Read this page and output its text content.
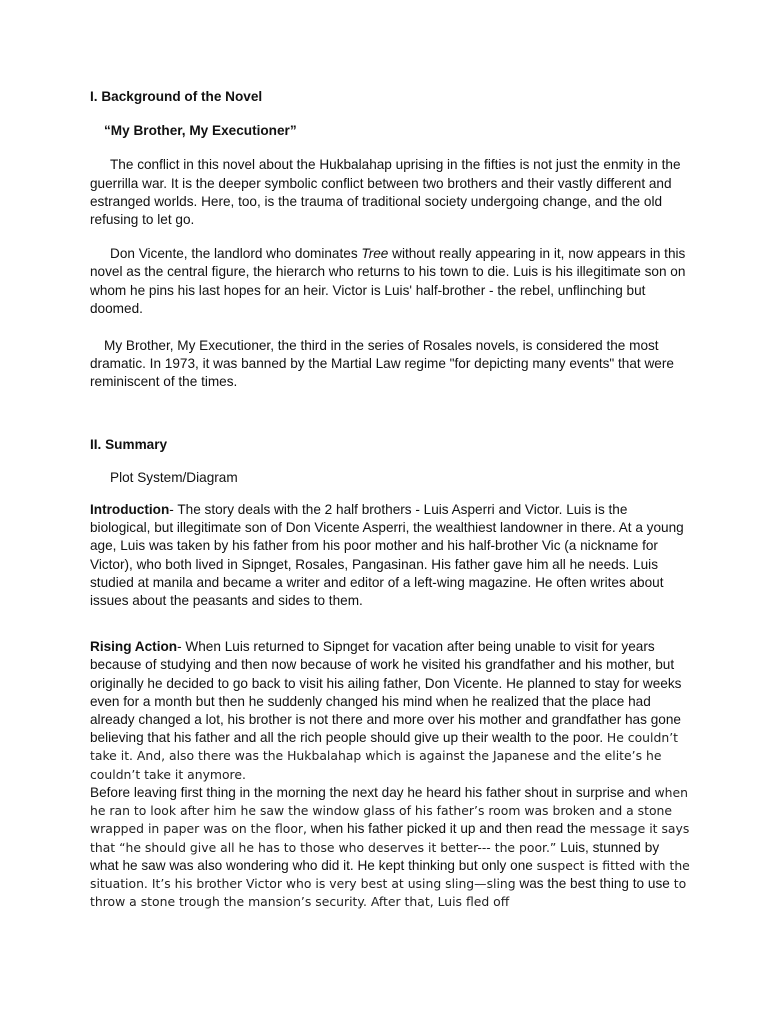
I. Background of the Novel

“My Brother, My Executioner”

The conflict in this novel about the Hukbalahap uprising in the fifties is not just the enmity in the guerrilla war. It is the deeper symbolic conflict between two brothers and their vastly different and estranged worlds. Here, too, is the trauma of traditional society undergoing change, and the old refusing to let go.

Don Vicente, the landlord who dominates Tree without really appearing in it, now appears in this novel as the central figure, the hierarch who returns to his town to die. Luis is his illegitimate son on whom he pins his last hopes for an heir. Victor is Luis' half-brother - the rebel, unflinching but doomed.

My Brother, My Executioner, the third in the series of Rosales novels, is considered the most dramatic. In 1973, it was banned by the Martial Law regime "for depicting many events" that were reminiscent of the times.

II. Summary

Plot System/Diagram

Introduction- The story deals with the 2 half brothers - Luis Asperri and Victor. Luis is the biological, but illegitimate son of Don Vicente Asperri, the wealthiest landowner in there. At a young age, Luis was taken by his father from his poor mother and his half-brother Vic (a nickname for Victor), who both lived in Sipnget, Rosales, Pangasinan. His father gave him all he needs. Luis studied at manila and became a writer and editor of a left-wing magazine. He often writes about issues about the peasants and sides to them.

Rising Action- When Luis returned to Sipnget for vacation after being unable to visit for years because of studying and then now because of work he visited his grandfather and his mother, but originally he decided to go back to visit his ailing father, Don Vicente. He planned to stay for weeks even for a month but then he suddenly changed his mind when he realized that the place had already changed a lot, his brother is not there and more over his mother and grandfather has gone believing that his father and all the rich people should give up their wealth to the poor. He couldn’t take it. And, also there was the Hukbalahap which is against the Japanese and the elite’s he couldn’t take it anymore.

Before leaving first thing in the morning the next day he heard his father shout in surprise and when he ran to look after him he saw the window glass of his father’s room was broken and a stone wrapped in paper was on the floor, when his father picked it up and then read the message it says that “he should give all he has to those who deserves it better--- the poor.” Luis, stunned by what he saw was also wondering who did it. He kept thinking but only one suspect is fitted with the situation. It’s his brother Victor who is very best at using sling—sling was the best thing to use to throw a stone trough the mansion’s security. After that, Luis fled off
